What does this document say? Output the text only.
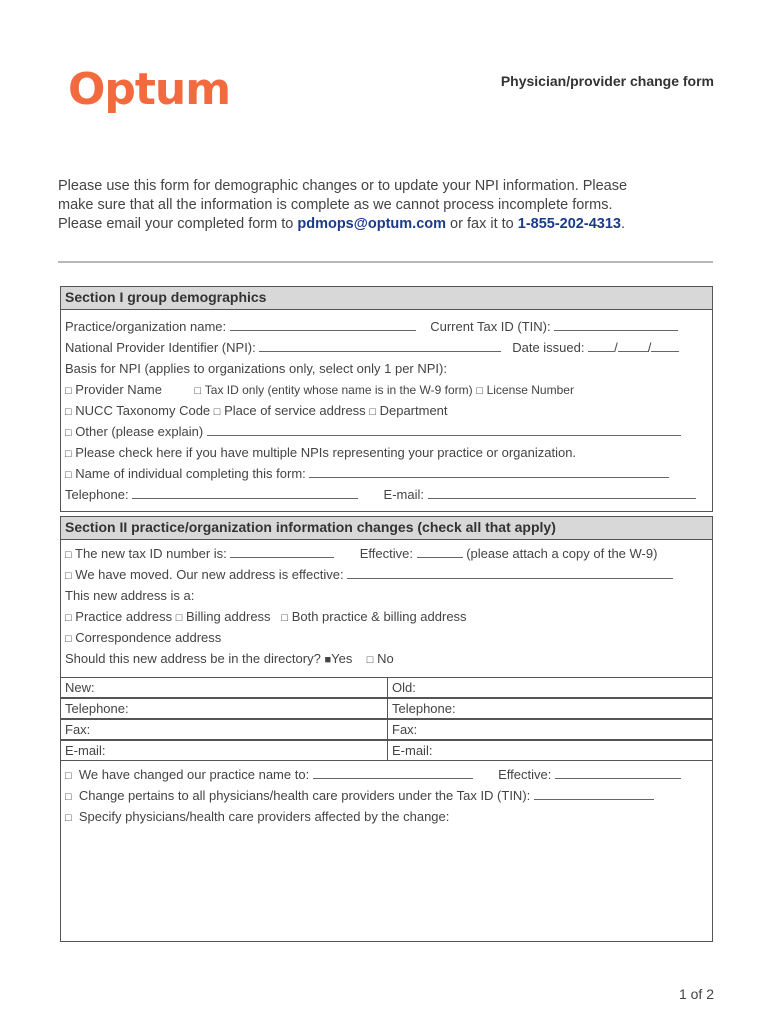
Optum	Physician/provider change form
Please use this form for demographic changes or to update your NPI information. Please
make sure that all the information is complete as we cannot process incomplete forms.
Please email your completed form to pdmops@optum.com or fax it to 1-855-202-4313.
Section I group demographics
Practice/organization name:	Current Tax ID (TIN):
National Provider Identifier (NPI):	Date issued: / /
Basis for NPI (applies to organizations only, select only 1 per NPI):
□ Provider Name	□ Tax ID only (entity whose name is in the W-9 form) □ License Number
□ NUCC Taxonomy Code □ Place of service address □ Department
□ Other (please explain)
□ Please check here if you have multiple NPIs representing your practice or organization.
□ Name of individual completing this form:
Telephone:	E-mail:
Section II practice/organization information changes (check all that apply)
□ The new tax ID number is:	Effective:	(please attach a copy of the W-9)
□ We have moved. Our new address is effective:
This new address is a:
□ Practice address □ Billing address □ Both practice & billing address
□ Correspondence address
Should this new address be in the directory? ■Yes □ No
□ We have changed our practice name to:	Effective:
□ Change pertains to all physicians/health care providers under the Tax ID (TIN):
□ Specify physicians/health care providers affected by the change:
New:	Old:
Telephone:	Telephone:
Fax:	Fax:
E-mail:	E-mail:
1 of 2
